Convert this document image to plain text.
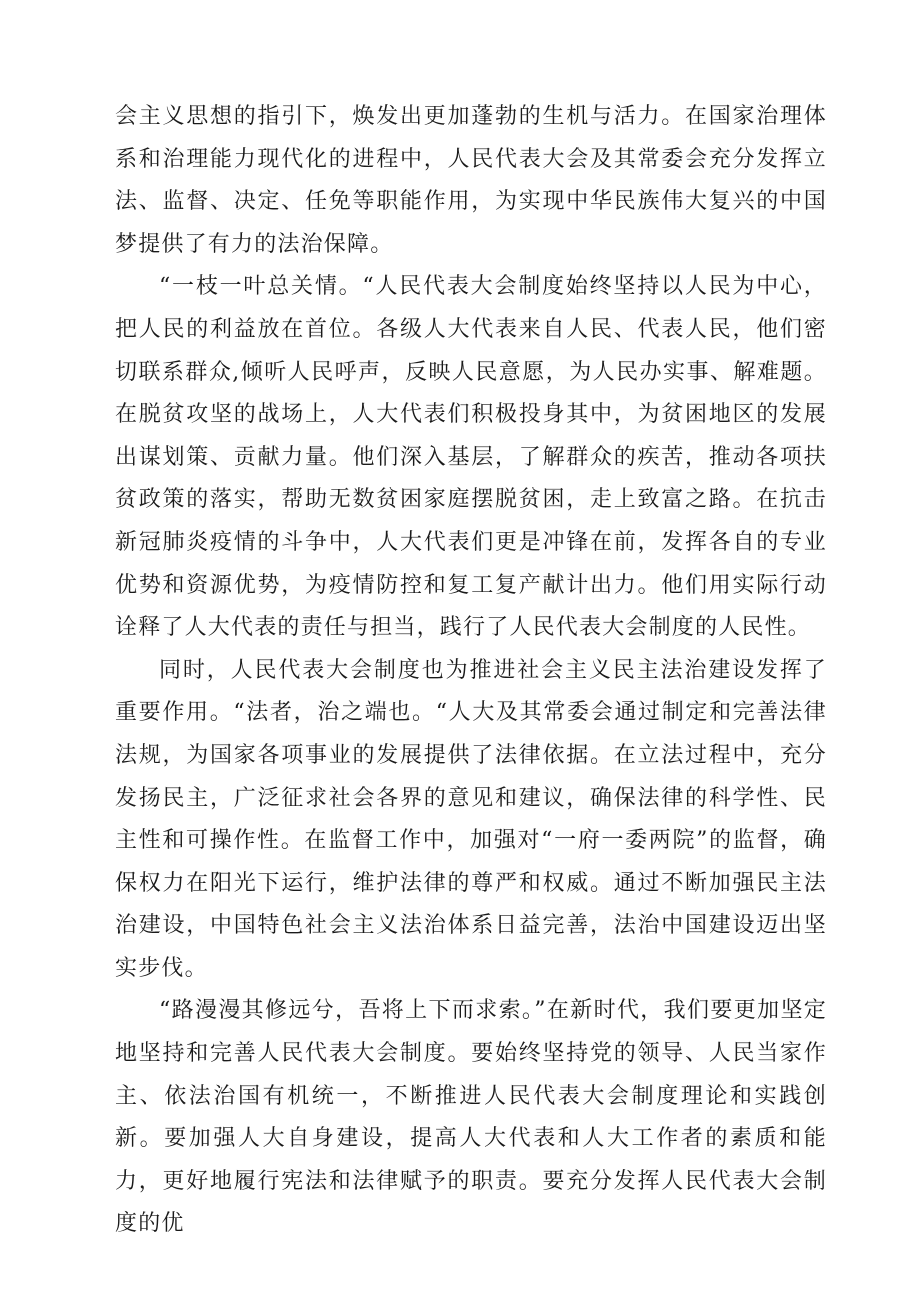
会主义思想的指引下，焕发出更加蓬勃的生机与活力。在国家治理体系和治理能力现代化的进程中，人民代表大会及其常委会充分发挥立法、监督、决定、任免等职能作用，为实现中华民族伟大复兴的中国梦提供了有力的法治保障。

“一枝一叶总关情。“人民代表大会制度始终坚持以人民为中心，把人民的利益放在首位。各级人大代表来自人民、代表人民，他们密切联系群众,倾听人民呼声，反映人民意愿，为人民办实事、解难题。在脱贫攻坚的战场上，人大代表们积极投身其中，为贫困地区的发展出谋划策、贡献力量。他们深入基层，了解群众的疾苦，推动各项扶贫政策的落实，帮助无数贫困家庭摆脱贫困，走上致富之路。在抗击新冠肺炎疫情的斗争中，人大代表们更是冲锋在前，发挥各自的专业优势和资源优势，为疫情防控和复工复产献计出力。他们用实际行动诠释了人大代表的责任与担当，践行了人民代表大会制度的人民性。

同时，人民代表大会制度也为推进社会主义民主法治建设发挥了重要作用。“法者，治之端也。“人大及其常委会通过制定和完善法律法规，为国家各项事业的发展提供了法律依据。在立法过程中，充分发扬民主，广泛征求社会各界的意见和建议，确保法律的科学性、民主性和可操作性。在监督工作中，加强对“一府一委两院”的监督，确保权力在阳光下运行，维护法律的尊严和权威。通过不断加强民主法治建设，中国特色社会主义法治体系日益完善，法治中国建设迈出坚实步伐。

“路漫漫其修远兮，吾将上下而求索。”在新时代，我们要更加坚定地坚持和完善人民代表大会制度。要始终坚持党的领导、人民当家作主、依法治国有机统一，不断推进人民代表大会制度理论和实践创新。要加强人大自身建设，提高人大代表和人大工作者的素质和能力，更好地履行宪法和法律赋予的职责。要充分发挥人民代表大会制度的优
